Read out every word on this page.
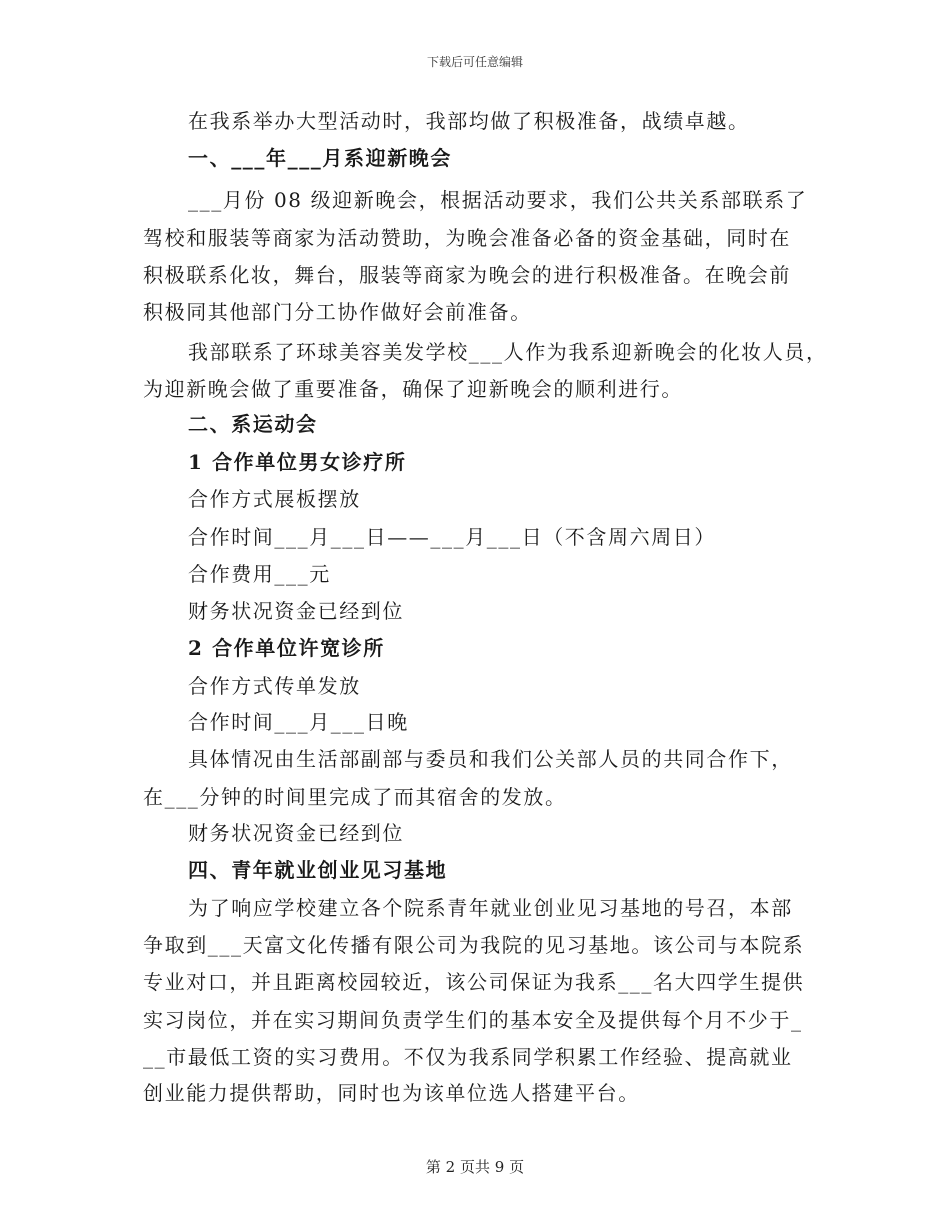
下载后可任意编辑
在我系举办大型活动时，我部均做了积极准备，战绩卓越。
一、___年___月系迎新晚会
___月份 08 级迎新晚会，根据活动要求，我们公共关系部联系了
驾校和服装等商家为活动赞助，为晚会准备必备的资金基础，同时在
积极联系化妆，舞台，服装等商家为晚会的进行积极准备。在晚会前
积极同其他部门分工协作做好会前准备。
我部联系了环球美容美发学校___人作为我系迎新晚会的化妆人员，
为迎新晚会做了重要准备，确保了迎新晚会的顺利进行。
二、系运动会
1 合作单位男女诊疗所
合作方式展板摆放
合作时间___月___日——___月___日（不含周六周日）
合作费用___元
财务状况资金已经到位
2 合作单位许宽诊所
合作方式传单发放
合作时间___月___日晚
具体情况由生活部副部与委员和我们公关部人员的共同合作下，
在___分钟的时间里完成了而其宿舍的发放。
财务状况资金已经到位
四、青年就业创业见习基地
为了响应学校建立各个院系青年就业创业见习基地的号召，本部
争取到___天富文化传播有限公司为我院的见习基地。该公司与本院系
专业对口，并且距离校园较近，该公司保证为我系___名大四学生提供
实习岗位，并在实习期间负责学生们的基本安全及提供每个月不少于_
__市最低工资的实习费用。不仅为我系同学积累工作经验、提高就业
创业能力提供帮助，同时也为该单位选人搭建平台。
第 2 页共 9 页
